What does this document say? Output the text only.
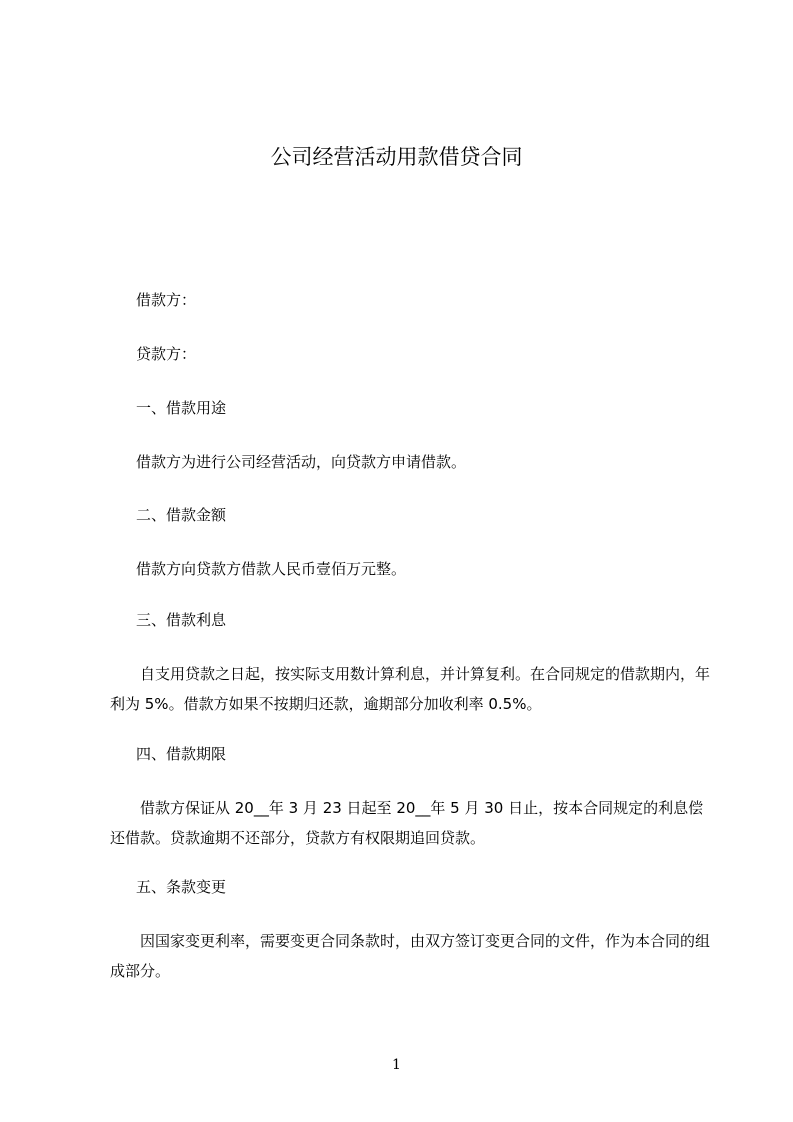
公司经营活动用款借贷合同
借款方：
贷款方：
一、借款用途
借款方为进行公司经营活动，向贷款方申请借款。
二、借款金额
借款方向贷款方借款人民币壹佰万元整。
三、借款利息
自支用贷款之日起，按实际支用数计算利息，并计算复利。在合同规定的借款期内，年利为 5%。借款方如果不按期归还款，逾期部分加收利率 0.5%。
四、借款期限
借款方保证从 20__年 3 月 23 日起至 20__年 5 月 30 日止，按本合同规定的利息偿还借款。贷款逾期不还部分，贷款方有权限期追回贷款。
五、条款变更
因国家变更利率，需要变更合同条款时，由双方签订变更合同的文件，作为本合同的组成部分。
1
